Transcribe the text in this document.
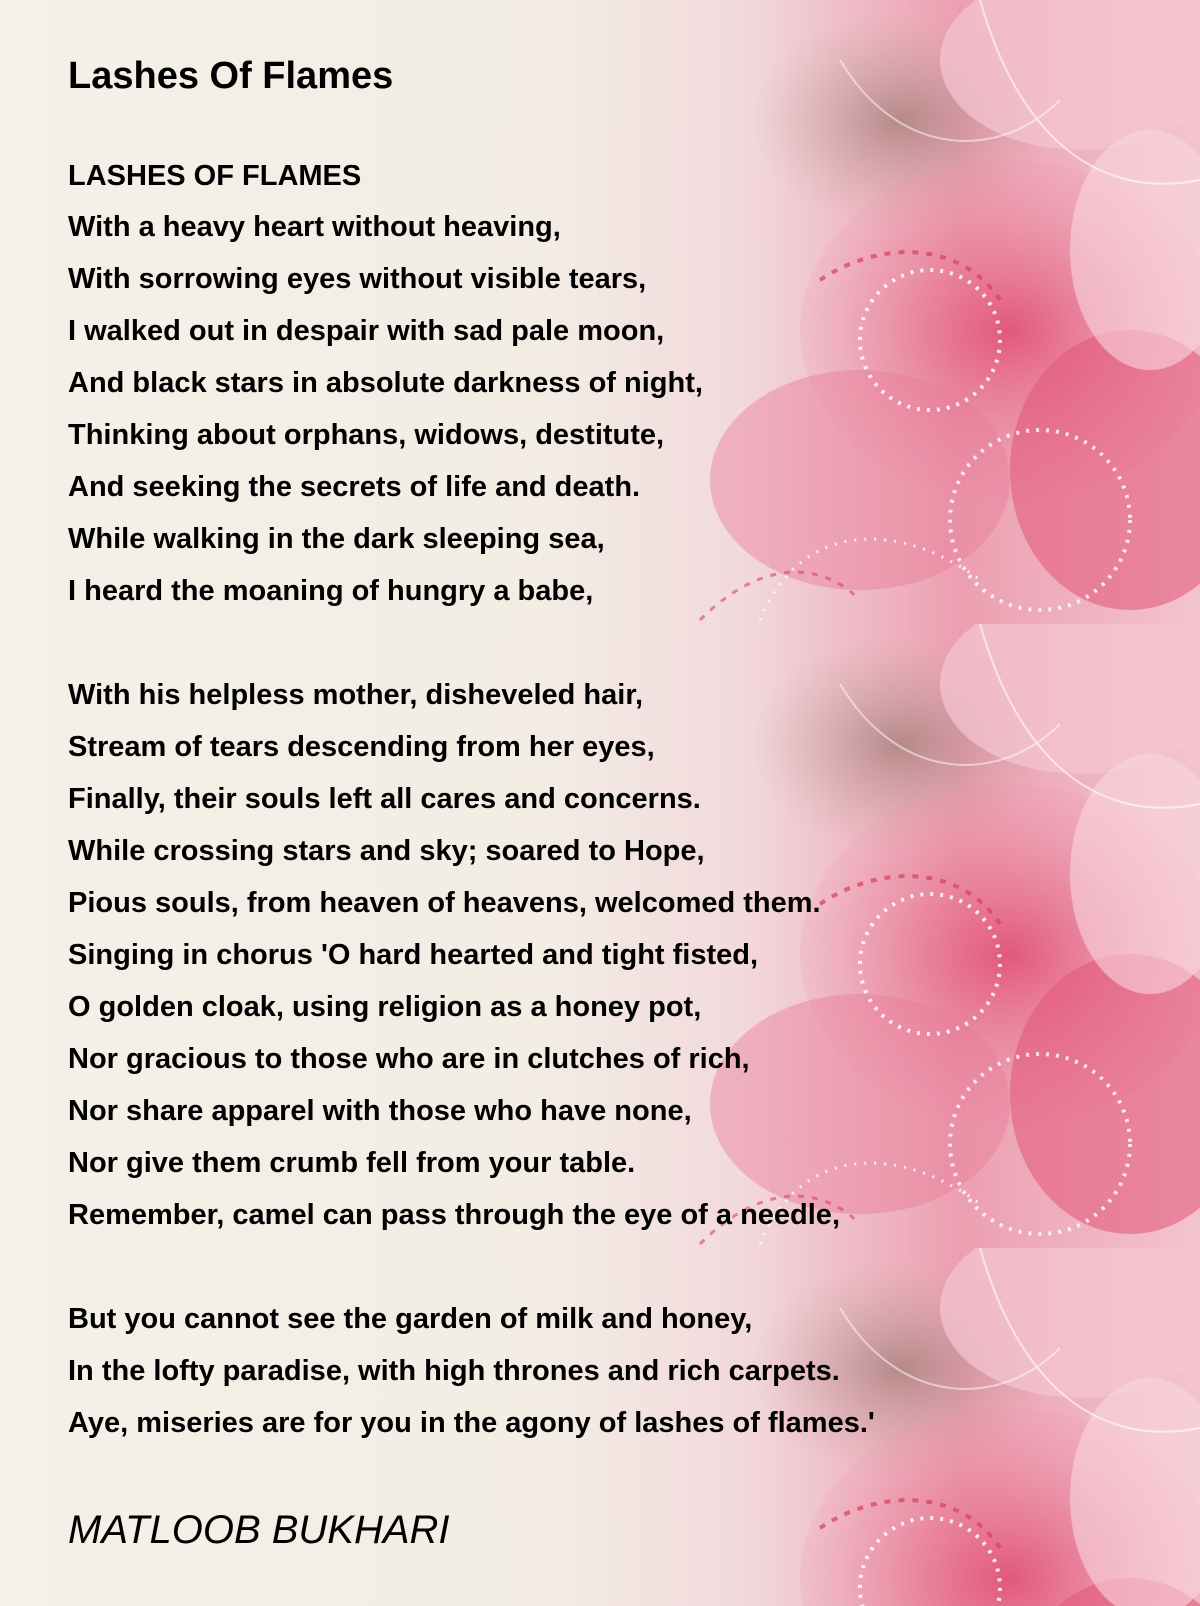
Lashes Of Flames
LASHES OF FLAMES
With a heavy heart without heaving,
With sorrowing eyes without visible tears,
I walked out in despair with sad pale moon,
And black stars in absolute darkness of night,
Thinking about orphans, widows, destitute,
And seeking the secrets of life and death.
While walking in the dark sleeping sea,
I heard the moaning of hungry a babe,
With his helpless mother, disheveled hair,
Stream of tears descending from her eyes,
Finally, their souls left all cares and concerns.
While crossing stars and sky; soared to Hope,
Pious souls, from heaven of heavens, welcomed them.
Singing in chorus 'O hard hearted and tight fisted,
O golden cloak, using religion as a honey pot,
Nor gracious to those who are in clutches of rich,
Nor share apparel with those who have none,
Nor give them crumb fell from your table.
Remember, camel can pass through the eye of a needle,
But you cannot see the garden of milk and honey,
In the lofty paradise, with high thrones and rich carpets.
Aye, miseries are for you in the agony of lashes of flames.'
MATLOOB BUKHARI
